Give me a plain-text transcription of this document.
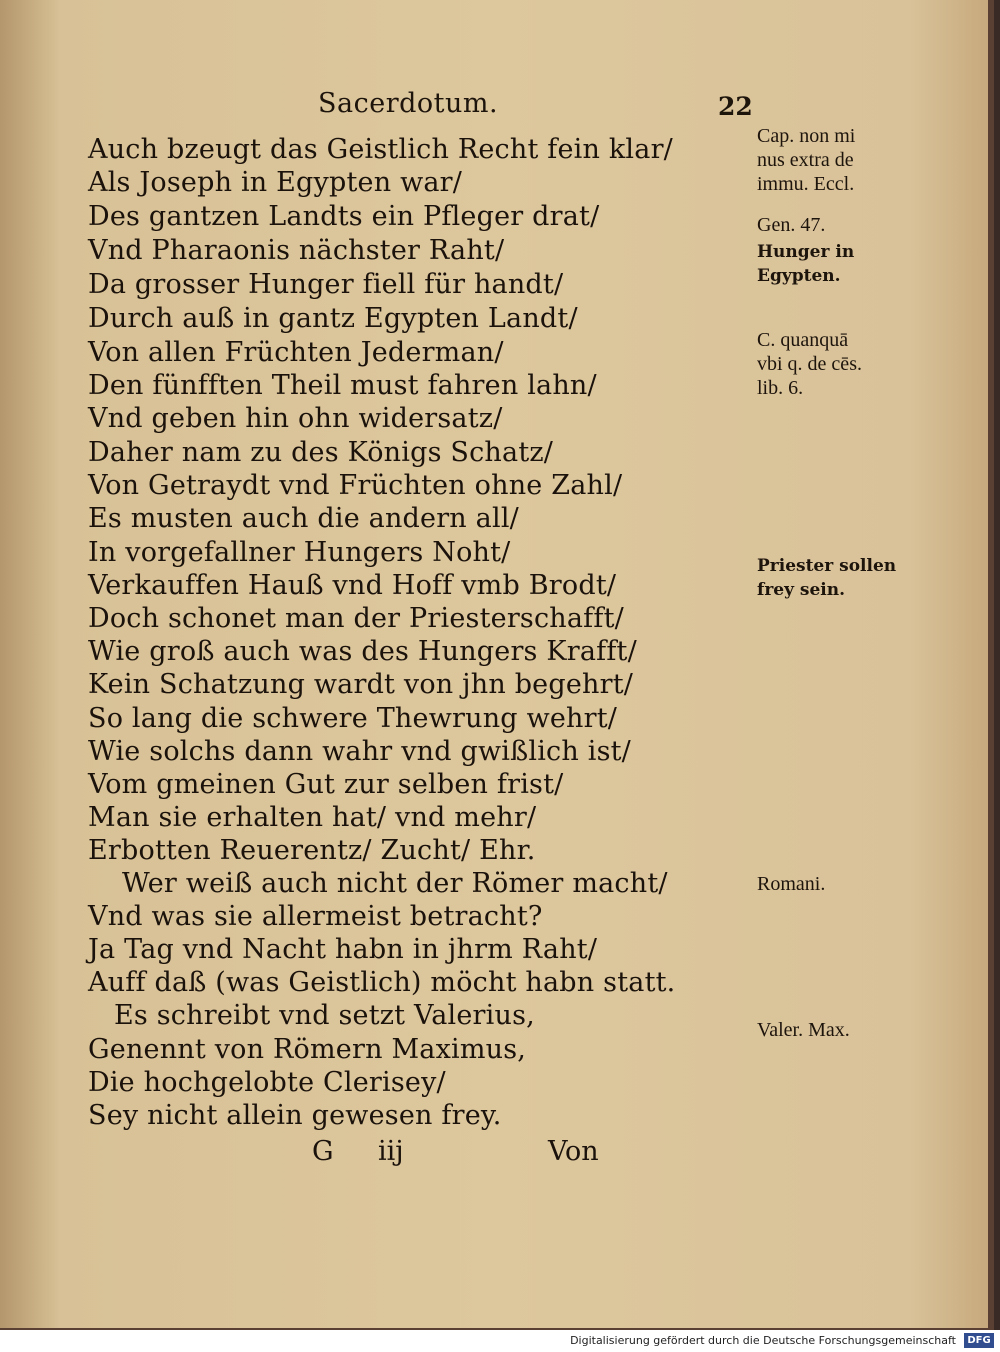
Sacerdotum.	22
Auch bzeugt das Geistlich Recht fein klar/
Als Joseph in Egypten war/
Des gantzen Landts ein Pfleger drat/
Vnd Pharaonis nächster Raht/
Da grosser Hunger fiell für handt/
Durch auß in gantz Egypten Landt/
Von allen Früchten Jederman/
Den fünfften Theil must fahren lahn/
Vnd geben hin ohn widersatz/
Daher nam zu des Königs Schatz/
Von Getraydt vnd Früchten ohne Zahl/
Es musten auch die andern all/
In vorgefallner Hungers Noht/
Verkauffen Hauß vnd Hoff vmb Brodt/
Doch schonet man der Priesterschafft/
Wie groß auch was des Hungers Krafft/
Kein Schatzung wardt von jhn begehrt/
So lang die schwere Thewrung wehrt/
Wie solchs dann wahr vnd gwißlich ist/
Vom gmeinen Gut zur selben frist/
Man sie erhalten hat/ vnd mehr/
Erbotten Reuerentz/ Zucht/ Ehr.
Wer weiß auch nicht der Römer macht/
Vnd was sie allermeist betracht?
Ja Tag vnd Nacht habn in jhrm Raht/
Auff daß (was Geistlich) möcht habn statt.
Es schreibt vnd setzt Valerius,
Genennt von Römern Maximus,
Die hochgelobte Clerisey/
Sey nicht allein gewesen frey.
Cap. non mi
nus extra de
immu. Eccl.
Gen. 47.
Hunger in
Egypten.
C. quanquā
vbi q. de cēs.
lib. 6.
Priester sollen
frey sein.
Romani.
Valer. Max.
G iij	Von
Digitalisierung gefördert durch die Deutsche Forschungsgemeinschaft	DFG
